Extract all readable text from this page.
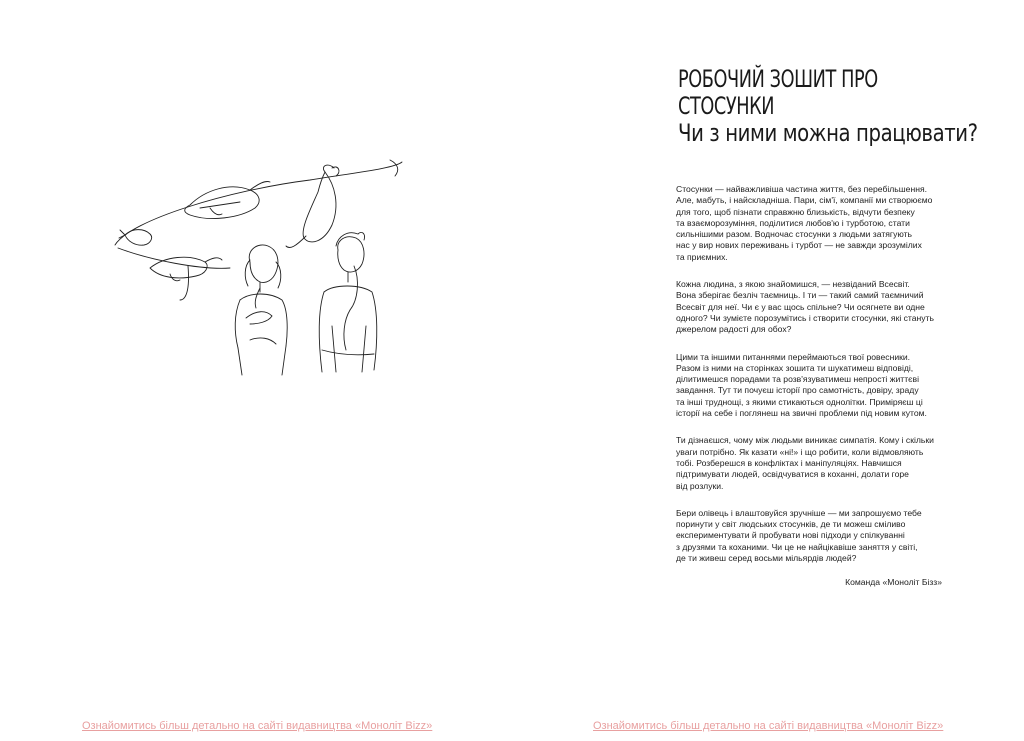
Ознайомитись більш детально на сайті видавництва «Моноліт Bizz»
РОБОЧИЙ ЗОШИТ ПРО
СТОСУНКИ
Чи з ними можна працювати?

Стосунки — найважливіша частина життя, без перебільшення.
Але, мабуть, і найскладніша. Пари, сім'ї, компанії ми створюємо
для того, щоб пізнати справжню близькість, відчути безпеку
та взаєморозуміння, поділитися любов'ю і турботою, стати
сильнішими разом. Водночас стосунки з людьми затягують
нас у вир нових переживань і турбот — не завжди зрозумілих
та приємних.

Кожна людина, з якою знайомишся, — незвіданий Всесвіт.
Вона зберігає безліч таємниць. І ти — такий самий таємничий
Всесвіт для неї. Чи є у вас щось спільне? Чи осягнете ви одне
одного? Чи зумієте порозумітись і створити стосунки, які стануть
джерелом радості для обох?

Цими та іншими питаннями переймаються твої ровесники.
Разом із ними на сторінках зошита ти шукатимеш відповіді,
ділитимешся порадами та розв'язуватимеш непрості життєві
завдання. Тут ти почуєш історії про самотність, довіру, зраду
та інші труднощі, з якими стикаються однолітки. Приміряєш ці
історії на себе і поглянеш на звичні проблеми під новим кутом.

Ти дізнаєшся, чому між людьми виникає симпатія. Кому і скільки
уваги потрібно. Як казати «ні!» і що робити, коли відмовляють
тобі. Розберешся в конфліктах і маніпуляціях. Навчишся
підтримувати людей, освідчуватися в коханні, долати горе
від розлуки.

Бери олівець і влаштовуйся зручніше — ми запрошуємо тебе
поринути у світ людських стосунків, де ти можеш сміливо
експериментувати й пробувати нові підходи у спілкуванні
з друзями та коханими. Чи це не найцікавіше заняття у світі,
де ти живеш серед восьми мільярдів людей?

Команда «Моноліт Бізз»
Ознайомитись більш детально на сайті видавництва «Моноліт Bizz»
